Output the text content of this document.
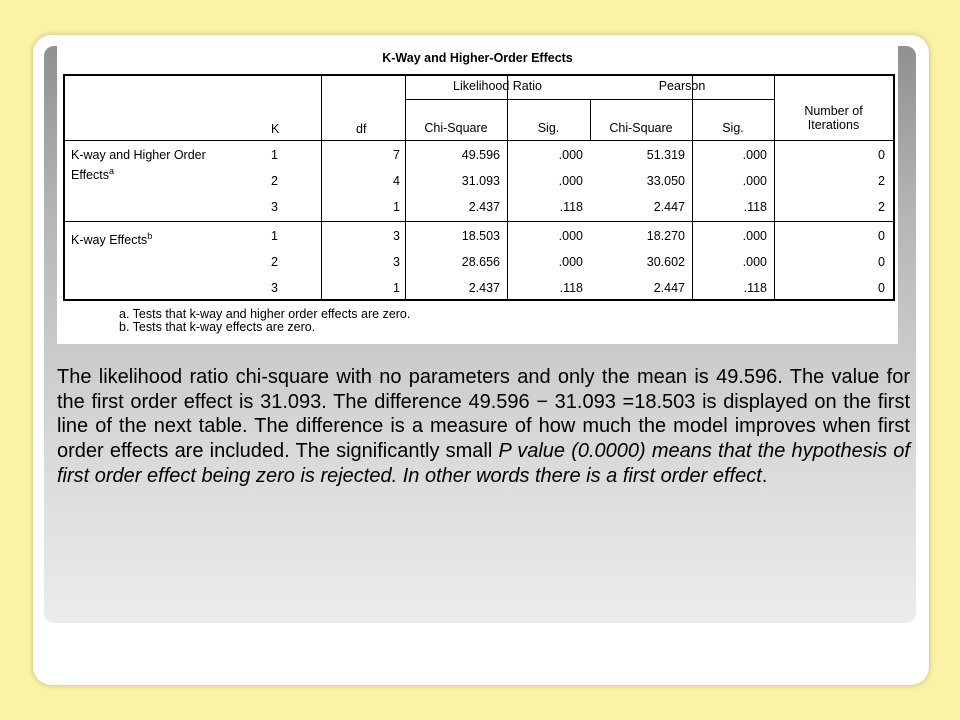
K-Way and Higher-Order Effects
K	df
Likelihood Ratio	Pearson
Chi-Square	Sig.	Chi-Square	Sig.
Number of
Iterations
K-way and Higher Order
Effects$^a$
1	7	49.596	.000	51.319	.000	0
2	4	31.093	.000	33.050	.000	2
3	1	2.437	.118	2.447	.118	2
K-way Effects$^b$	1	3	18.503	.000	18.270	.000	0
2	3	28.656	.000	30.602	.000	0
3	1	2.437	.118	2.447	.118	0
a. Tests that k-way and higher order effects are zero.
b. Tests that k-way effects are zero.
The likelihood ratio chi-square with no parameters and only the mean is 49.596. The value for the first order effect is 31.093. The difference 49.596 − 31.093 =18.503 is displayed on the first line of the next table. The difference is a measure of how much the model improves when first order effects are included. The significantly small P value (0.0000) means that the hypothesis of first order effect being zero is rejected. In other words there is a first order effect.
